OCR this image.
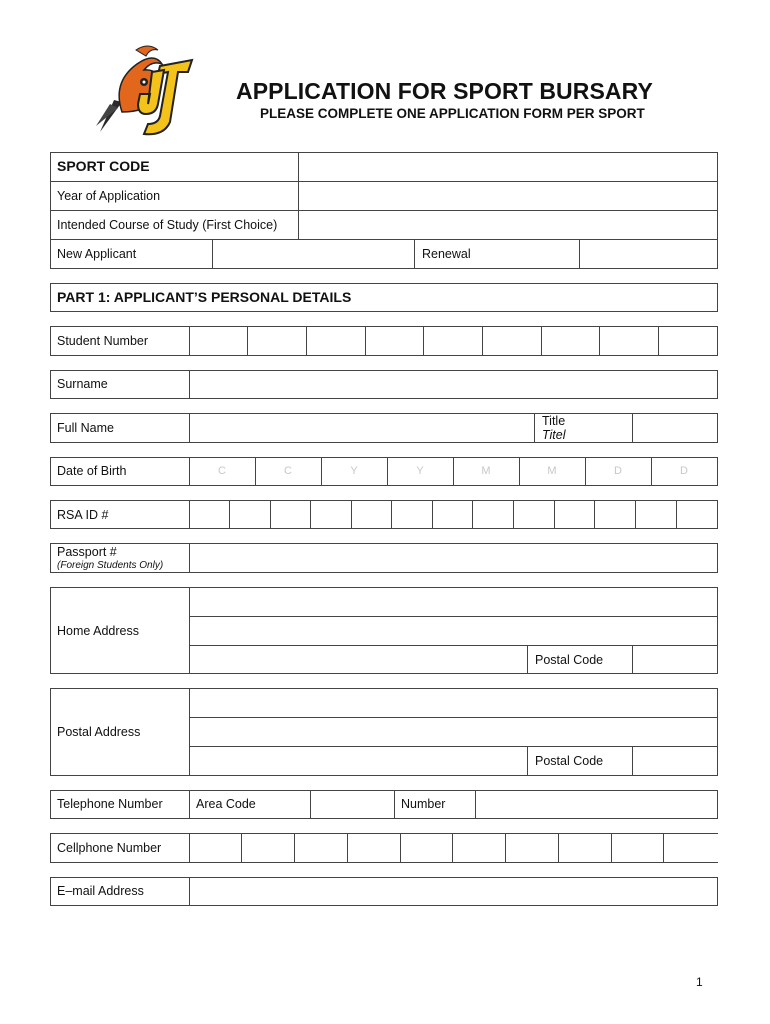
APPLICATION FOR SPORT BURSARY
PLEASE COMPLETE ONE APPLICATION FORM PER SPORT
SPORT CODE
Year of Application
Intended Course of Study (First Choice)
New Applicant	Renewal
PART 1: APPLICANT’S PERSONAL DETAILS
Student Number
Surname
Full Name	Title
Titel
Date of Birth	C	C	Y	Y	M	M	D	D
RSA ID #
Passport #
(Foreign Students Only)
Home Address
Postal Code
Postal Address
Postal Code
Telephone Number	Area Code	Number
Cellphone Number
E–mail Address
1
